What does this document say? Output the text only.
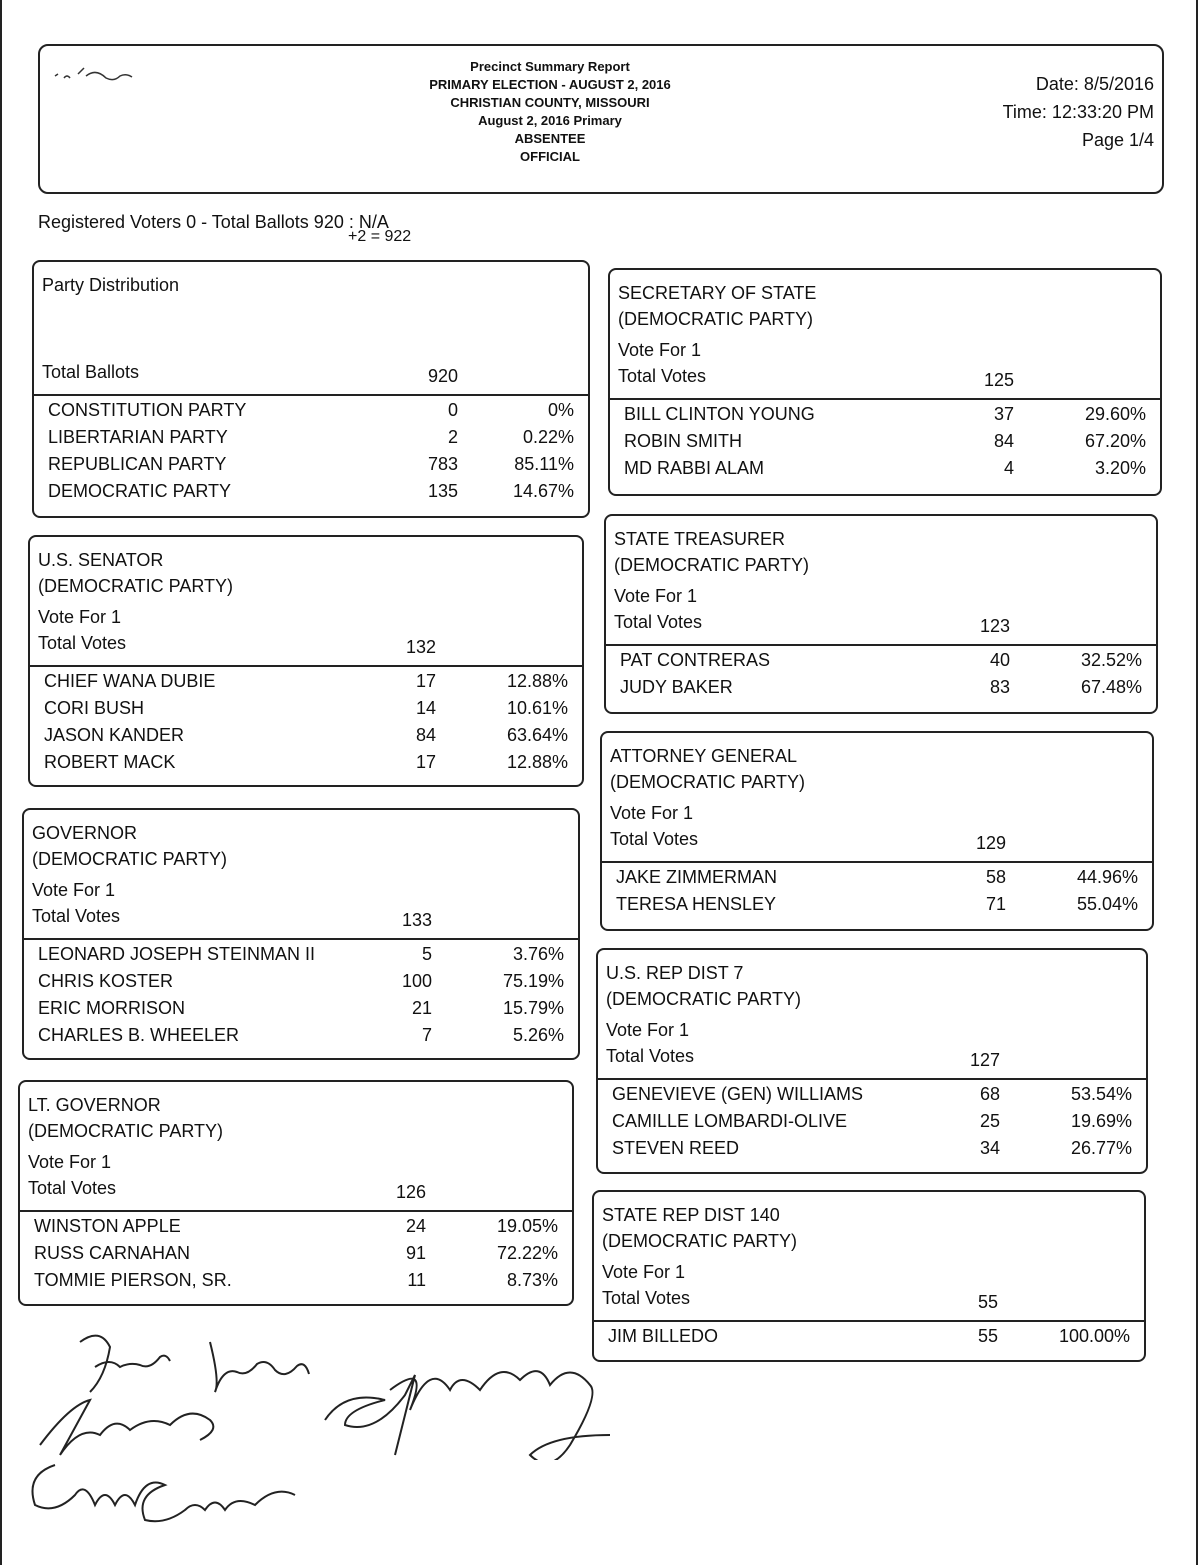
Precinct Summary Report
PRIMARY ELECTION - AUGUST 2, 2016
CHRISTIAN COUNTY, MISSOURI
August 2, 2016 Primary
ABSENTEE
OFFICIAL
Date: 8/5/2016
Time: 12:33:20 PM
Page 1/4
Registered Voters 0 - Total Ballots 920 : N/A
+2 = 922
Party Distribution
Total Ballots	920
CONSTITUTION PARTY	0	0%
LIBERTARIAN PARTY	2	0.22%
REPUBLICAN PARTY	783	85.11%
DEMOCRATIC PARTY	135	14.67%
U.S. SENATOR
(DEMOCRATIC PARTY)
Vote For 1
Total Votes	132
CHIEF WANA DUBIE	17	12.88%
CORI BUSH	14	10.61%
JASON KANDER	84	63.64%
ROBERT MACK	17	12.88%
GOVERNOR
(DEMOCRATIC PARTY)
Vote For 1
Total Votes	133
LEONARD JOSEPH STEINMAN II	5	3.76%
CHRIS KOSTER	100	75.19%
ERIC MORRISON	21	15.79%
CHARLES B. WHEELER	7	5.26%
LT. GOVERNOR
(DEMOCRATIC PARTY)
Vote For 1
Total Votes	126
WINSTON APPLE	24	19.05%
RUSS CARNAHAN	91	72.22%
TOMMIE PIERSON, SR.	11	8.73%
SECRETARY OF STATE
(DEMOCRATIC PARTY)
Vote For 1
Total Votes	125
BILL CLINTON YOUNG	37	29.60%
ROBIN SMITH	84	67.20%
MD RABBI ALAM	4	3.20%
STATE TREASURER
(DEMOCRATIC PARTY)
Vote For 1
Total Votes	123
PAT CONTRERAS	40	32.52%
JUDY BAKER	83	67.48%
ATTORNEY GENERAL
(DEMOCRATIC PARTY)
Vote For 1
Total Votes	129
JAKE ZIMMERMAN	58	44.96%
TERESA HENSLEY	71	55.04%
U.S. REP DIST 7
(DEMOCRATIC PARTY)
Vote For 1
Total Votes	127
GENEVIEVE (GEN) WILLIAMS	68	53.54%
CAMILLE LOMBARDI-OLIVE	25	19.69%
STEVEN REED	34	26.77%
STATE REP DIST 140
(DEMOCRATIC PARTY)
Vote For 1
Total Votes	55
JIM BILLEDO	55	100.00%
